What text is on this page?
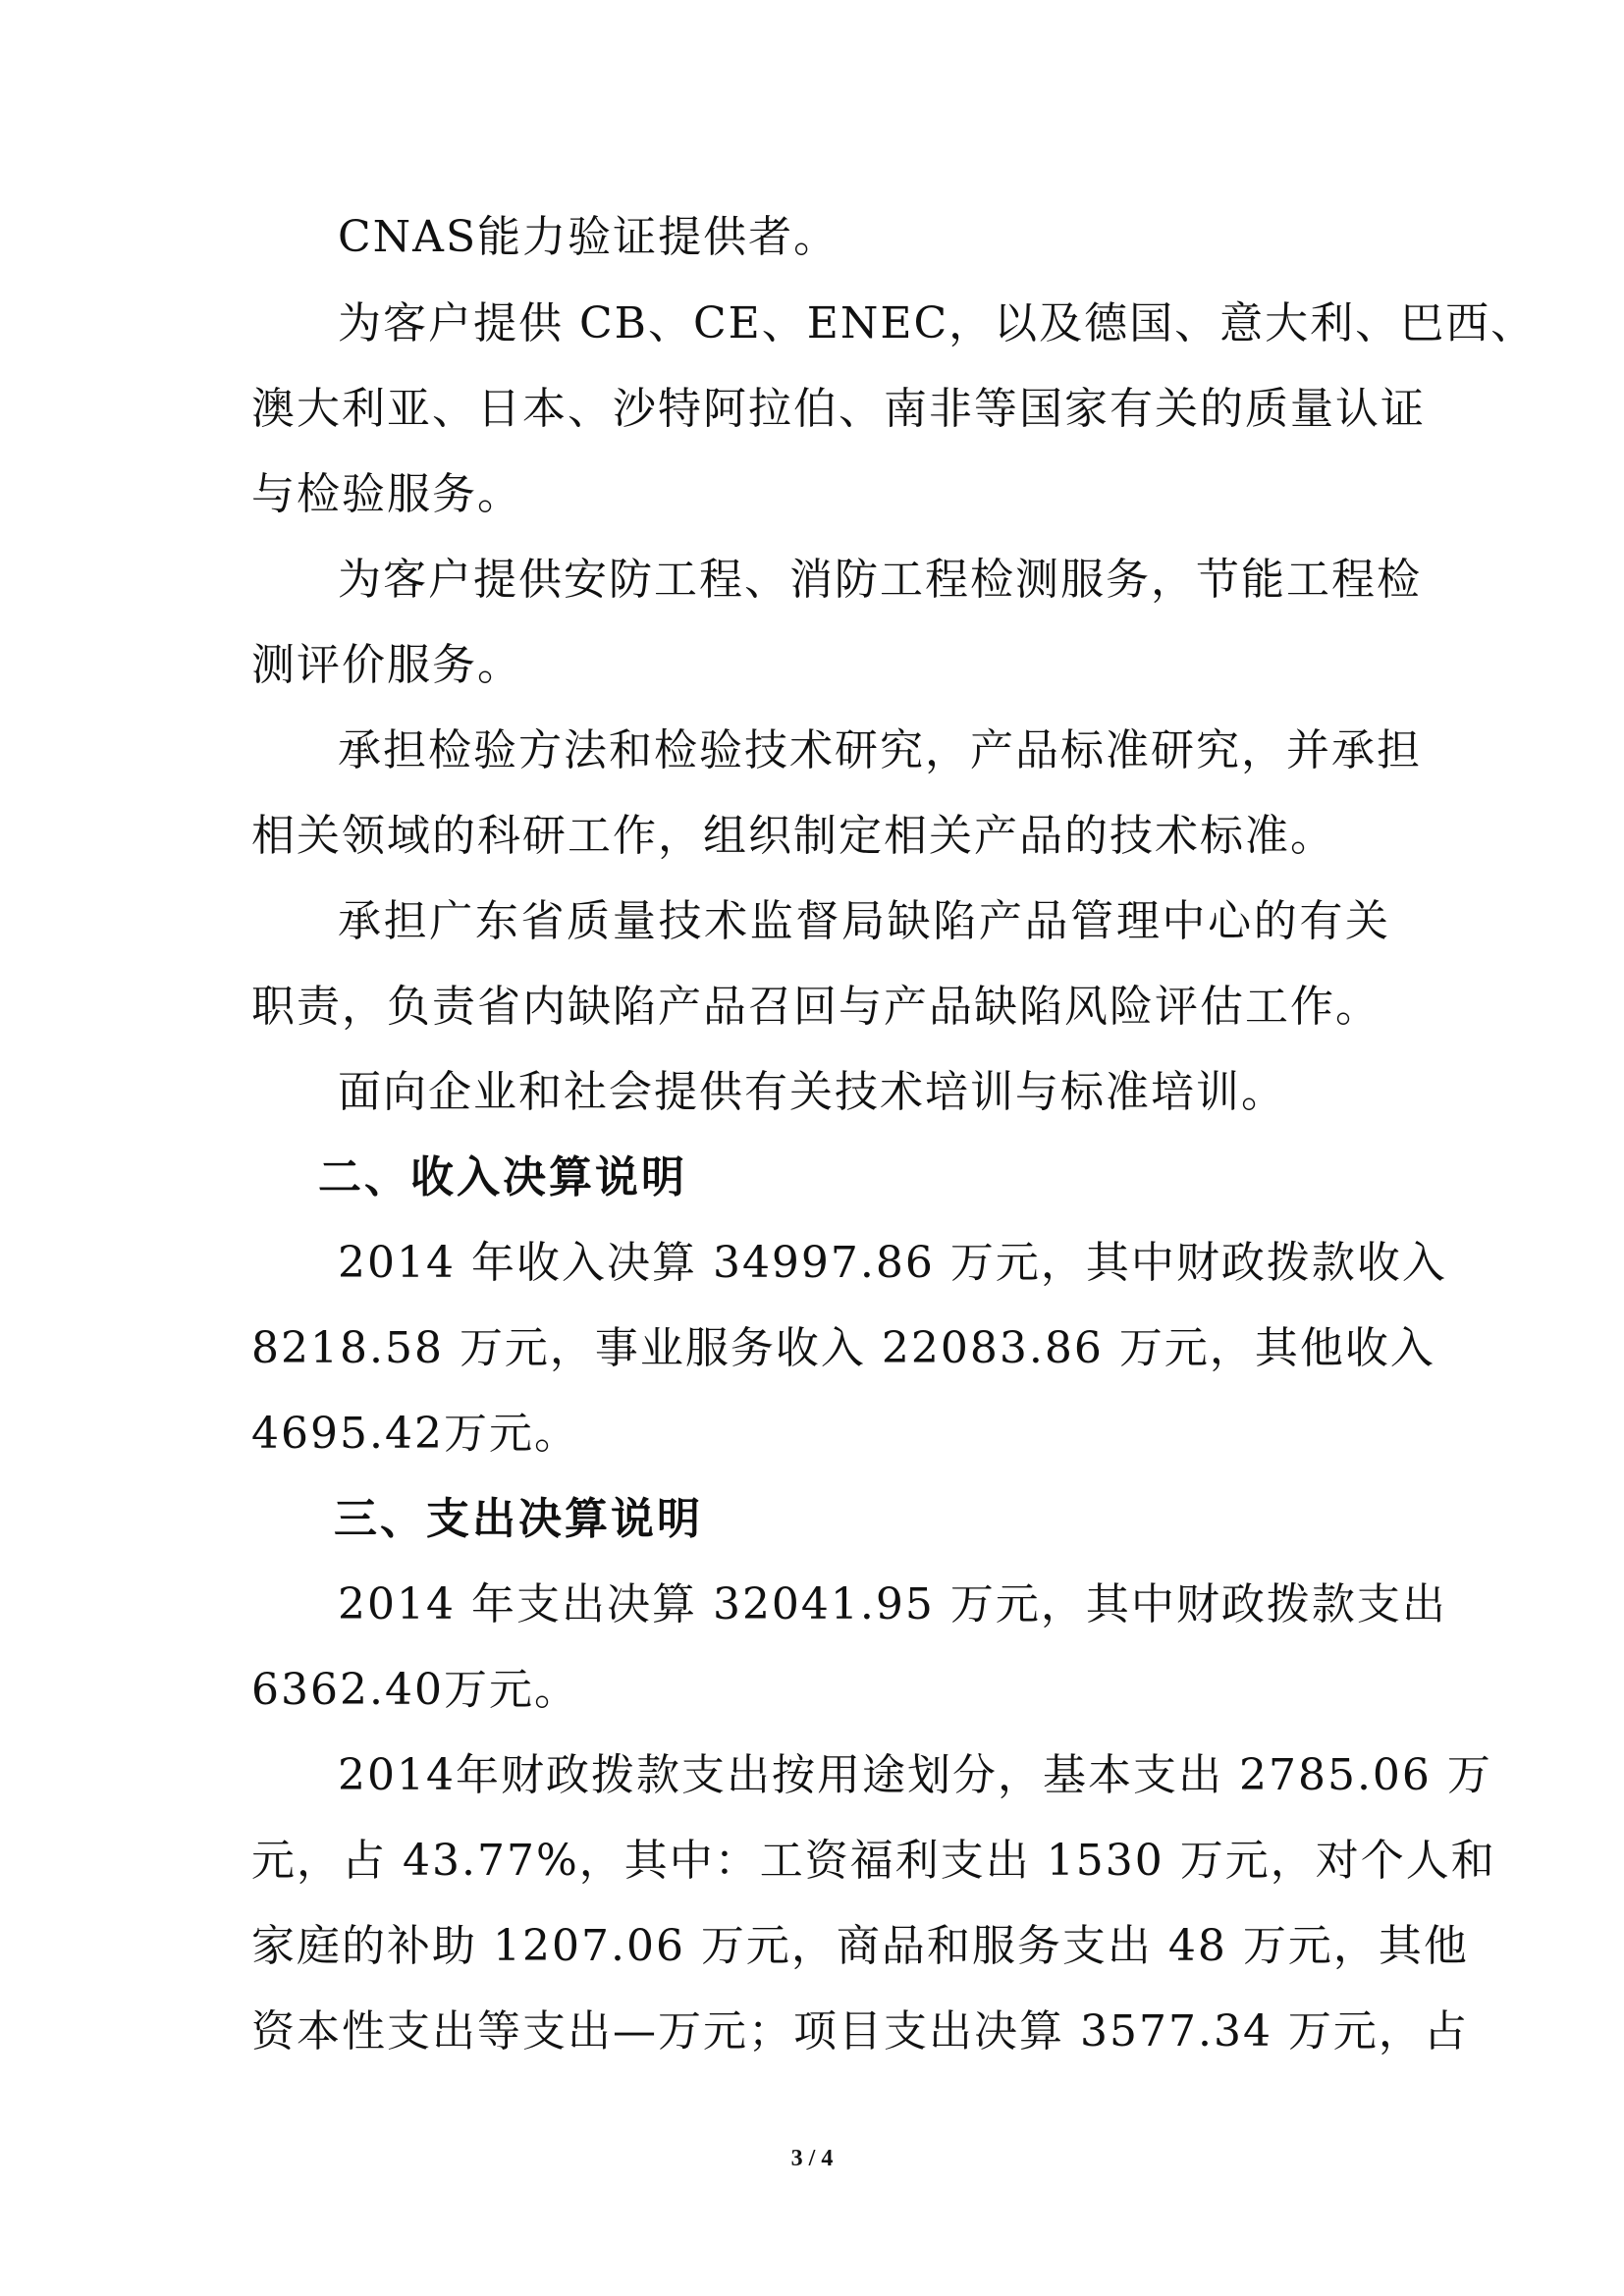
CNAS能力验证提供者。
为客户提供 CB、CE、ENEC，以及德国、意大利、巴西、
澳大利亚、日本、沙特阿拉伯、南非等国家有关的质量认证
与检验服务。
为客户提供安防工程、消防工程检测服务，节能工程检
测评价服务。
承担检验方法和检验技术研究，产品标准研究，并承担
相关领域的科研工作，组织制定相关产品的技术标准。
承担广东省质量技术监督局缺陷产品管理中心的有关
职责，负责省内缺陷产品召回与产品缺陷风险评估工作。
面向企业和社会提供有关技术培训与标准培训。
二、收入决算说明
2014 年收入决算 34997.86 万元，其中财政拨款收入
8218.58 万元，事业服务收入 22083.86 万元，其他收入
4695.42万元。
三、支出决算说明
2014 年支出决算 32041.95 万元，其中财政拨款支出
6362.40万元。
2014年财政拨款支出按用途划分，基本支出 2785.06 万
元，占 43.77%，其中：工资福利支出 1530 万元，对个人和
家庭的补助 1207.06 万元，商品和服务支出 48 万元，其他
资本性支出等支出—万元；项目支出决算 3577.34 万元，占
3 / 4
